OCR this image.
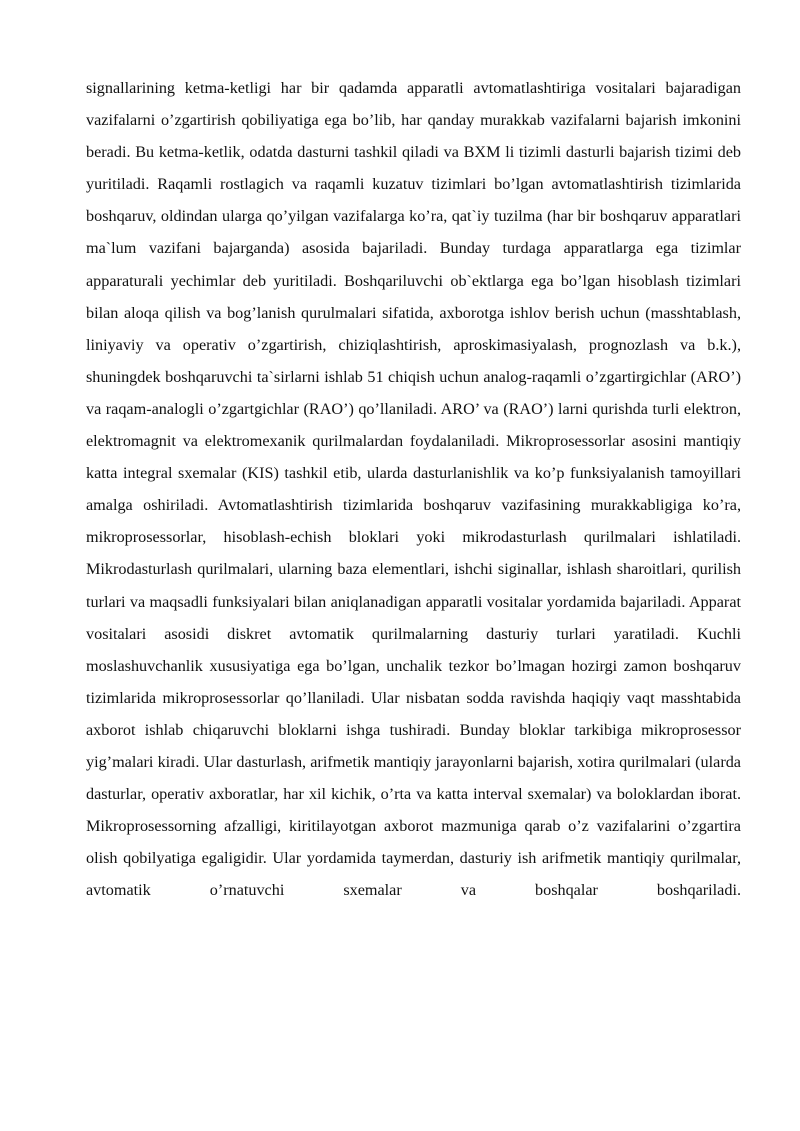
signallarining ketma-ketligi har bir qadamda apparatli avtomatlashtiriga vositalari bajaradigan vazifalarni o’zgartirish qobiliyatiga ega bo’lib, har qanday murakkab vazifalarni bajarish imkonini beradi. Bu ketma-ketlik, odatda dasturni tashkil qiladi va BXM li tizimli dasturli bajarish tizimi deb yuritiladi. Raqamli rostlagich va raqamli kuzatuv tizimlari bo’lgan avtomatlashtirish tizimlarida boshqaruv, oldindan ularga qo’yilgan vazifalarga ko’ra, qat`iy tuzilma (har bir boshqaruv apparatlari ma`lum vazifani bajarganda) asosida bajariladi. Bunday turdaga apparatlarga ega tizimlar apparaturali yechimlar deb yuritiladi. Boshqariluvchi ob`ektlarga ega bo’lgan hisoblash tizimlari bilan aloqa qilish va bog’lanish qurulmalari sifatida, axborotga ishlov berish uchun (masshtablash, liniyaviy va operativ o’zgartirish, chiziqlashtirish, aproskimasiyalash, prognozlash va b.k.), shuningdek boshqaruvchi ta`sirlarni ishlab 51 chiqish uchun analog-raqamli o’zgartirgichlar (ARO’) va raqam-analogli o’zgartgichlar (RAO’) qo’llaniladi. ARO’ va (RAO’) larni qurishda turli elektron, elektromagnit va elektromexanik qurilmalardan foydalaniladi. Mikroprosessorlar asosini mantiqiy katta integral sxemalar (KIS) tashkil etib, ularda dasturlanishlik va ko’p funksiyalanish tamoyillari amalga oshiriladi. Avtomatlashtirish tizimlarida boshqaruv vazifasining murakkabligiga ko’ra, mikroprosessorlar, hisoblash-echish bloklari yoki mikrodasturlash qurilmalari ishlatiladi. Mikrodasturlash qurilmalari, ularning baza elementlari, ishchi siginallar, ishlash sharoitlari, qurilish turlari va maqsadli funksiyalari bilan aniqlanadigan apparatli vositalar yordamida bajariladi. Apparat vositalari asosidi diskret avtomatik qurilmalarning dasturiy turlari yaratiladi. Kuchli moslashuvchanlik xususiyatiga ega bo’lgan, unchalik tezkor bo’lmagan hozirgi zamon boshqaruv tizimlarida mikroprosessorlar qo’llaniladi. Ular nisbatan sodda ravishda haqiqiy vaqt masshtabida axborot ishlab chiqaruvchi bloklarni ishga tushiradi. Bunday bloklar tarkibiga mikroprosessor yig’malari kiradi. Ular dasturlash, arifmetik mantiqiy jarayonlarni bajarish, xotira qurilmalari (ularda dasturlar, operativ axboratlar, har xil kichik, o’rta va katta interval sxemalar) va boloklardan iborat. Mikroprosessorning afzalligi, kiritilayotgan axborot mazmuniga qarab o’z vazifalarini o’zgartira olish qobilyatiga egaligidir. Ular yordamida taymerdan, dasturiy ish arifmetik mantiqiy qurilmalar, avtomatik o’rnatuvchi sxemalar va boshqalar boshqariladi.
